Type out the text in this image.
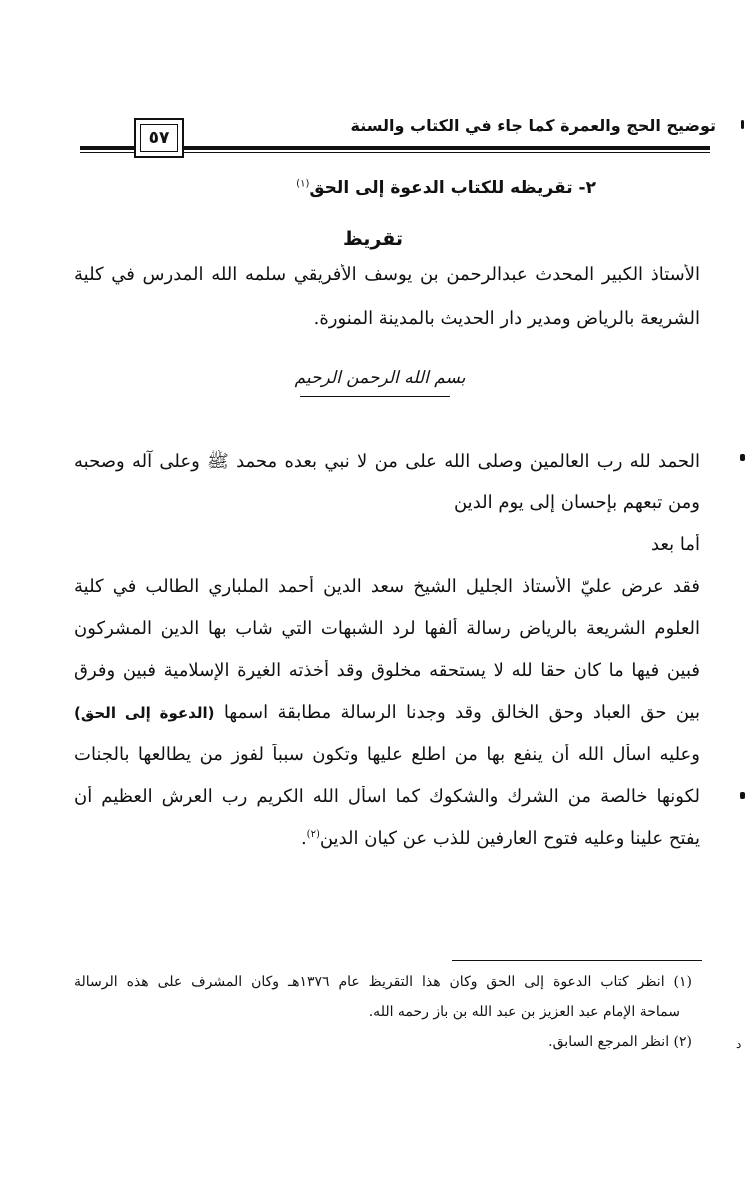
توضيح الحج والعمرة كما جاء في الكتاب والسنة
٥٧
٢- تقريظه للكتاب الدعوة إلى الحق$^{(١)}$
تقريظ
الأستاذ الكبير المحدث عبدالرحمن بن يوسف الأفريقي سلمه الله المدرس في كلية
الشريعة بالرياض ومدير دار الحديث بالمدينة المنورة.
بسم الله الرحمن الرحيم
الحمد لله رب العالمين وصلى الله على من لا نبي بعده محمد ﷺ وعلى آله وصحبه
ومن تبعهم بإحسان إلى يوم الدين
أما بعد
فقد عرض عليّ الأستاذ الجليل الشيخ سعد الدين أحمد الملباري الطالب في كلية
العلوم الشريعة بالرياض رسالة ألفها لرد الشبهات التي شاب بها الدين المشركون
فبين فيها ما كان حقا لله لا يستحقه مخلوق وقد أخذته الغيرة الإسلامية فبين وفرق
بين حق العباد وحق الخالق وقد وجدنا الرسالة مطابقة اسمها (الدعوة إلى الحق)
وعليه اسأل الله أن ينفع بها من اطلع عليها وتكون سبباً لفوز من يطالعها بالجنات
لكونها خالصة من الشرك والشكوك كما اسأل الله الكريم رب العرش العظيم أن
يفتح علينا وعليه فتوح العارفين للذب عن كيان الدين$^{(٢)}$.
(١) انظر كتاب الدعوة إلى الحق وكان هذا التقريظ عام ١٣٧٦هـ وكان المشرف على هذه الرسالة
سماحة الإمام عبد العزيز بن عبد الله بن باز رحمه الله.
(٢) انظر المرجع السابق.	د
